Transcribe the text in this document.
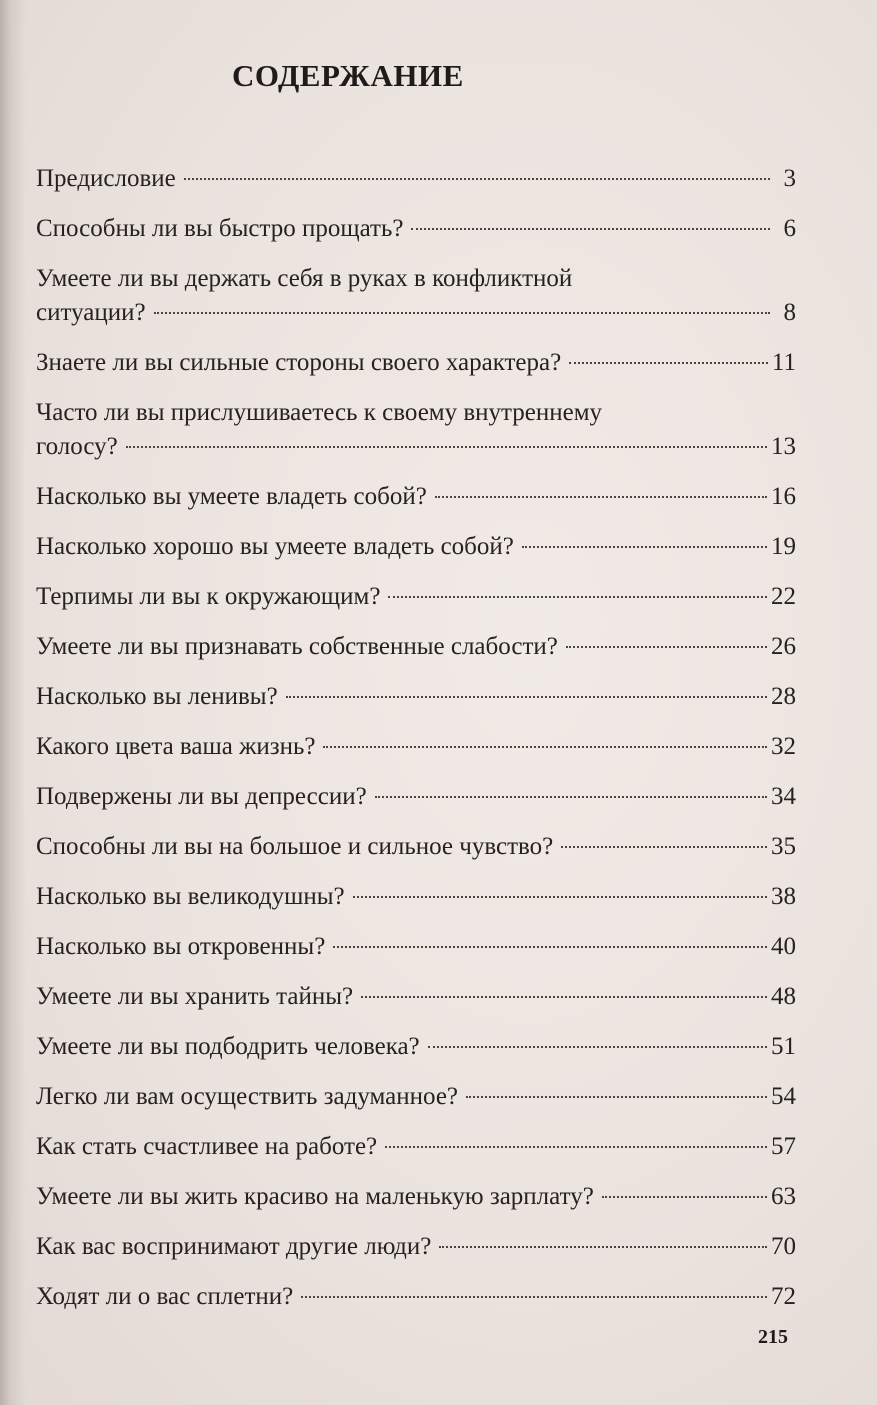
СОДЕРЖАНИЕ
Предисловие	3
Способны ли вы быстро прощать?	6
Умеете ли вы держать себя в руках в конфликтной
ситуации?	8
Знаете ли вы сильные стороны своего характера?	11
Часто ли вы прислушиваетесь к своему внутреннему
голосу?	13
Насколько вы умеете владеть собой?	16
Насколько хорошо вы умеете владеть собой?	19
Терпимы ли вы к окружающим?	22
Умеете ли вы признавать собственные слабости?	26
Насколько вы ленивы?	28
Какого цвета ваша жизнь?	32
Подвержены ли вы депрессии?	34
Способны ли вы на большое и сильное чувство?	35
Насколько вы великодушны?	38
Насколько вы откровенны?	40
Умеете ли вы хранить тайны?	48
Умеете ли вы подбодрить человека?	51
Легко ли вам осуществить задуманное?	54
Как стать счастливее на работе?	57
Умеете ли вы жить красиво на маленькую зарплату?	63
Как вас воспринимают другие люди?	70
Ходят ли о вас сплетни?	72
215
